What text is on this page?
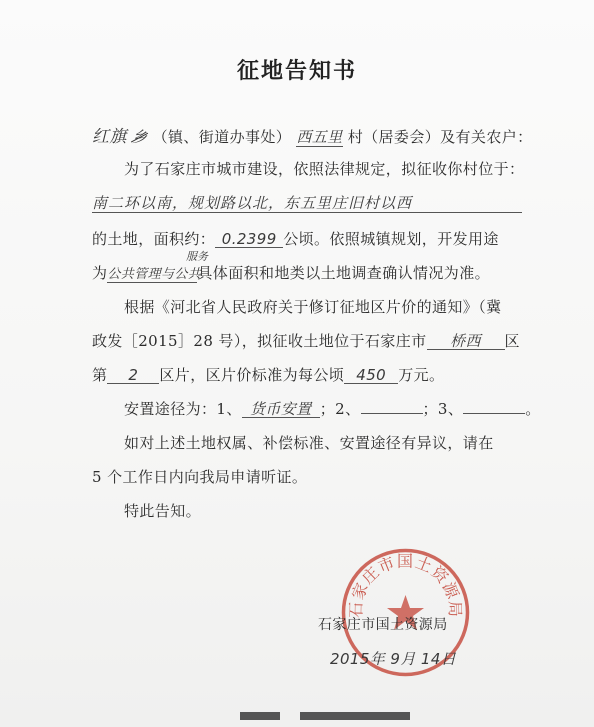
征地告知书
红旗 乡 （镇、街道办事处） 西五里 村（居委会）及有关农户：
为了石家庄市城市建设，依照法律规定，拟征收你村位于：
南二环以南，规划路以北，东五里庄旧村以西
的土地，面积约： 0.2399 公顷。依照城镇规划，开发用途
服务
为公共管理与公共具体面积和地类以土地调查确认情况为准。
根据《河北省人民政府关于修订征地区片价的通知》（冀
政发［2015］28 号），拟征收土地位于石家庄市 桥西 区
第 2 区片，区片价标准为每公顷 450 万元。
安置途径为：1、 货币安置 ；2、	；3、	。
如对上述土地权属、补偿标准、安置途径有异议，请在
5 个工作日内向我局申请听证。
特此告知。
石家庄市国土资源局
石家庄市国土资源局
2015年 9月 14日
